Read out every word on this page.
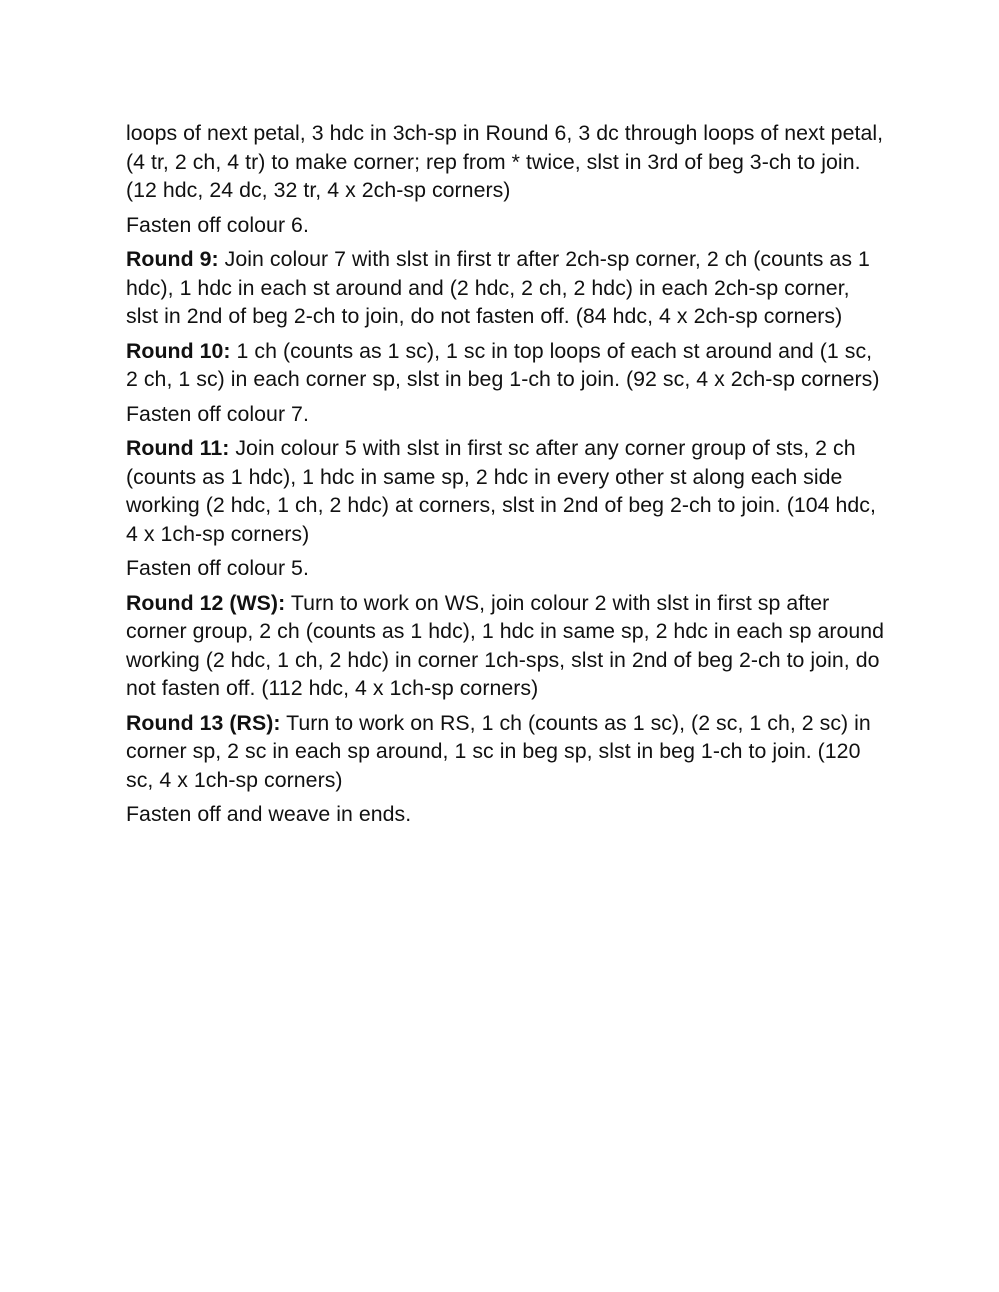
loops of next petal, 3 hdc in 3ch-sp in Round 6, 3 dc through loops of next petal, (4 tr, 2 ch, 4 tr) to make corner; rep from * twice, slst in 3rd of beg 3-ch to join. (12 hdc, 24 dc, 32 tr, 4 x 2ch-sp corners)

Fasten off colour 6.

Round 9: Join colour 7 with slst in first tr after 2ch-sp corner, 2 ch (counts as 1 hdc), 1 hdc in each st around and (2 hdc, 2 ch, 2 hdc) in each 2ch-sp corner, slst in 2nd of beg 2-ch to join, do not fasten off. (84 hdc, 4 x 2ch-sp corners)

Round 10: 1 ch (counts as 1 sc), 1 sc in top loops of each st around and (1 sc, 2 ch, 1 sc) in each corner sp, slst in beg 1-ch to join. (92 sc, 4 x 2ch-sp corners)

Fasten off colour 7.

Round 11: Join colour 5 with slst in first sc after any corner group of sts, 2 ch (counts as 1 hdc), 1 hdc in same sp, 2 hdc in every other st along each side working (2 hdc, 1 ch, 2 hdc) at corners, slst in 2nd of beg 2-ch to join. (104 hdc, 4 x 1ch-sp corners)

Fasten off colour 5.

Round 12 (WS): Turn to work on WS, join colour 2 with slst in first sp after corner group, 2 ch (counts as 1 hdc), 1 hdc in same sp, 2 hdc in each sp around working (2 hdc, 1 ch, 2 hdc) in corner 1ch-sps, slst in 2nd of beg 2-ch to join, do not fasten off. (112 hdc, 4 x 1ch-sp corners)

Round 13 (RS): Turn to work on RS, 1 ch (counts as 1 sc), (2 sc, 1 ch, 2 sc) in corner sp, 2 sc in each sp around, 1 sc in beg sp, slst in beg 1-ch to join. (120 sc, 4 x 1ch-sp corners)

Fasten off and weave in ends.
